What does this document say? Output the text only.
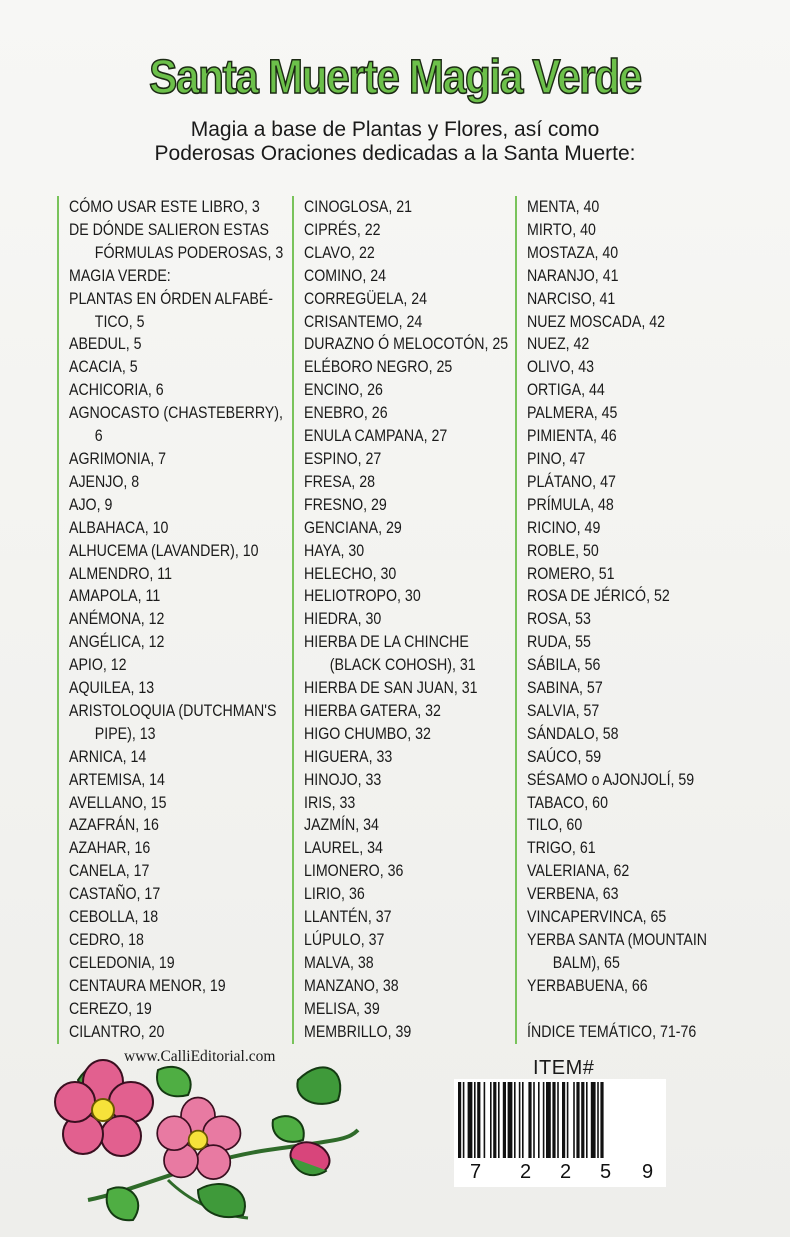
Santa Muerte Magia Verde
Magia a base de Plantas y Flores, así como
Poderosas Oraciones dedicadas a la Santa Muerte:
CÓMO USAR ESTE LIBRO, 3
DE DÓNDE SALIERON ESTAS
FÓRMULAS PODEROSAS, 3
MAGIA VERDE:
PLANTAS EN ÓRDEN ALFABÉ-
TICO, 5
ABEDUL, 5
ACACIA, 5
ACHICORIA, 6
AGNOCASTO (CHASTEBERRY),
6
AGRIMONIA, 7
AJENJO, 8
AJO, 9
ALBAHACA, 10
ALHUCEMA (LAVANDER), 10
ALMENDRO, 11
AMAPOLA, 11
ANÉMONA, 12
ANGÉLICA, 12
APIO, 12
AQUILEA, 13
ARISTOLOQUIA (DUTCHMAN'S
PIPE), 13
ARNICA, 14
ARTEMISA, 14
AVELLANO, 15
AZAFRÁN, 16
AZAHAR, 16
CANELA, 17
CASTAÑO, 17
CEBOLLA, 18
CEDRO, 18
CELEDONIA, 19
CENTAURA MENOR, 19
CEREZO, 19
CILANTRO, 20
CINOGLOSA, 21
CIPRÉS, 22
CLAVO, 22
COMINO, 24
CORREGÜELA, 24
CRISANTEMO, 24
DURAZNO Ó MELOCOTÓN, 25
ELÉBORO NEGRO, 25
ENCINO, 26
ENEBRO, 26
ENULA CAMPANA, 27
ESPINO, 27
FRESA, 28
FRESNO, 29
GENCIANA, 29
HAYA, 30
HELECHO, 30
HELIOTROPO, 30
HIEDRA, 30
HIERBA DE LA CHINCHE
(BLACK COHOSH), 31
HIERBA DE SAN JUAN, 31
HIERBA GATERA, 32
HIGO CHUMBO, 32
HIGUERA, 33
HINOJO, 33
IRIS, 33
JAZMÍN, 34
LAUREL, 34
LIMONERO, 36
LIRIO, 36
LLANTÉN, 37
LÚPULO, 37
MALVA, 38
MANZANO, 38
MELISA, 39
MEMBRILLO, 39
MENTA, 40
MIRTO, 40
MOSTAZA, 40
NARANJO, 41
NARCISO, 41
NUEZ MOSCADA, 42
NUEZ, 42
OLIVO, 43
ORTIGA, 44
PALMERA, 45
PIMIENTA, 46
PINO, 47
PLÁTANO, 47
PRÍMULA, 48
RICINO, 49
ROBLE, 50
ROMERO, 51
ROSA DE JÉRICÓ, 52
ROSA, 53
RUDA, 55
SÁBILA, 56
SABINA, 57
SALVIA, 57
SÁNDALO, 58
SAÚCO, 59
SÉSAMO o AJONJOLÍ, 59
TABACO, 60
TILO, 60
TRIGO, 61
VALERIANA, 62
VERBENA, 63
VINCAPERVINCA, 65
YERBA SANTA (MOUNTAIN
BALM), 65
YERBABUENA, 66
ÍNDICE TEMÁTICO, 71-76
www.CalliEditorial.com
ITEM#
7 2 2 5 9
